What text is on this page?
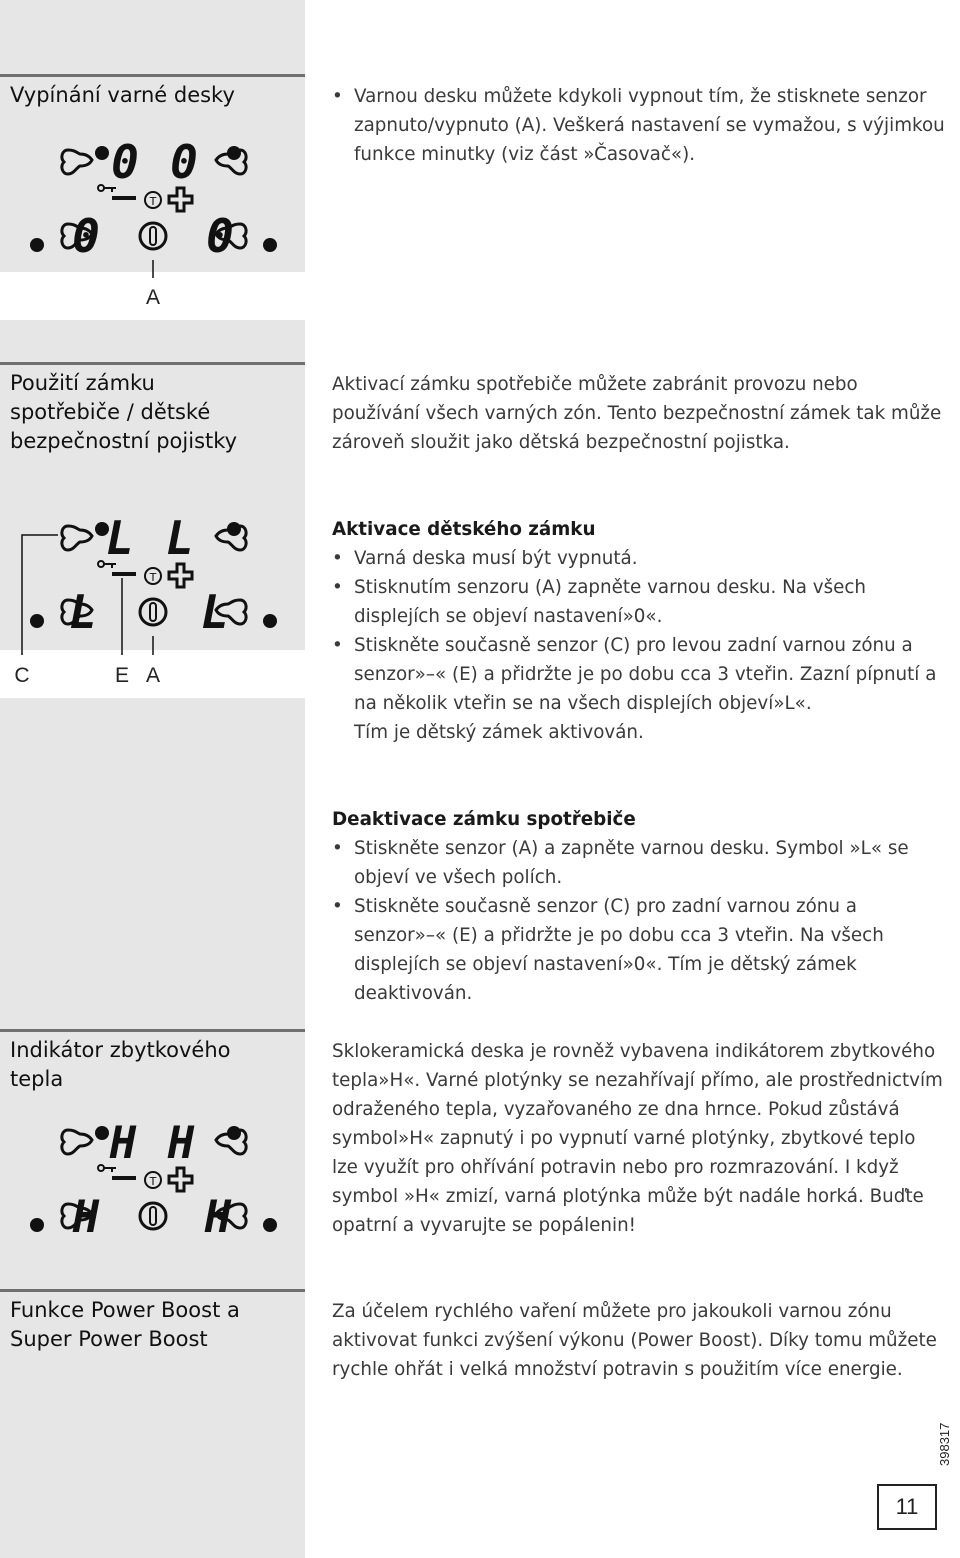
Vypínání varné desky
0 0
0 0
T
A
• Varnou desku můžete kdykoli vypnout tím, že stisknete senzor zapnuto/vypnuto (A). Veškerá nastavení se vymažou, s výjimkou funkce minutky (viz část »Časovač«).
Použití zámku
spotřebiče / dětské
bezpečnostní pojistky

Aktivací zámku spotřebiče můžete zabránit provozu nebo používání všech varných zón. Tento bezpečnostní zámek tak může zároveň sloužit jako dětská bezpečnostní pojistka.

L L
L L
T
C	E A

Aktivace dětského zámku

• Varná deska musí být vypnutá.
• Stisknutím senzoru (A) zapněte varnou desku. Na všech displejích se objeví nastavení»0«.
• Stiskněte současně senzor (C) pro levou zadní varnou zónu a senzor»–« (E) a přidržte je po dobu cca 3 vteřin. Zazní pípnutí a na několik vteřin se na všech displejích objeví»L«.

Tím je dětský zámek aktivován.

Deaktivace zámku spotřebiče

• Stiskněte senzor (A) a zapněte varnou desku. Symbol »L« se objeví ve všech polích.
• Stiskněte současně senzor (C) pro zadní varnou zónu a senzor»–« (E) a přidržte je po dobu cca 3 vteřin. Na všech displejích se objeví nastavení»0«. Tím je dětský zámek deaktivován.
Indikátor zbytkového
tepla
H H
H H
T

Sklokeramická deska je rovněž vybavena indikátorem zbytkového tepla»H«. Varné plotýnky se nezahřívají přímo, ale prostřednictvím odraženého tepla, vyzařovaného ze dna hrnce. Pokud zůstává symbol»H« zapnutý i po vypnutí varné plotýnky, zbytkové teplo lze využít pro ohřívání potravin nebo pro rozmrazování. I když symbol »H« zmizí, varná plotýnka může být nadále horká. Buďte opatrní a vyvarujte se popálenin!

Funkce Power Boost a
Super Power Boost

Za účelem rychlého vaření můžete pro jakoukoli varnou zónu aktivovat funkci zvýšení výkonu (Power Boost). Díky tomu můžete rychle ohřát i velká množství potravin s použitím více energie.

398317
11
